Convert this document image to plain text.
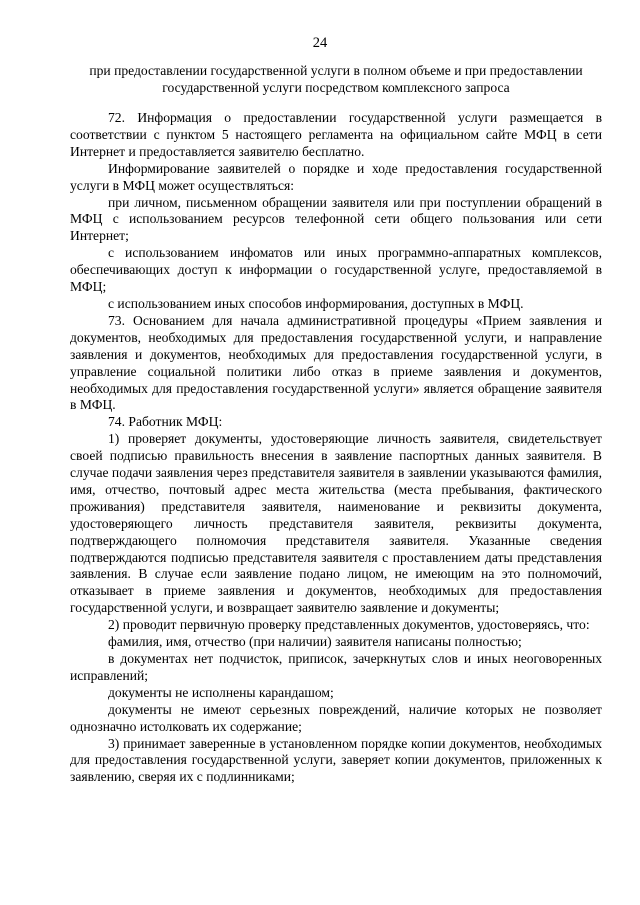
24
при предоставлении государственной услуги в полном объеме и при предоставлении государственной услуги посредством комплексного запроса

72. Информация о предоставлении государственной услуги размещается в соответствии с пунктом 5 настоящего регламента на официальном сайте МФЦ в сети Интернет и предоставляется заявителю бесплатно.

Информирование заявителей о порядке и ходе предоставления государственной услуги в МФЦ может осуществляться:

при личном, письменном обращении заявителя или при поступлении обращений в МФЦ с использованием ресурсов телефонной сети общего пользования или сети Интернет;

с использованием инфоматов или иных программно-аппаратных комплексов, обеспечивающих доступ к информации о государственной услуге, предоставляемой в МФЦ;

с использованием иных способов информирования, доступных в МФЦ.

73. Основанием для начала административной процедуры «Прием заявления и документов, необходимых для предоставления государственной услуги, и направление заявления и документов, необходимых для предоставления государственной услуги, в управление социальной политики либо отказ в приеме заявления и документов, необходимых для предоставления государственной услуги» является обращение заявителя в МФЦ.

74. Работник МФЦ:

1) проверяет документы, удостоверяющие личность заявителя, свидетельствует своей подписью правильность внесения в заявление паспортных данных заявителя. В случае подачи заявления через представителя заявителя в заявлении указываются фамилия, имя, отчество, почтовый адрес места жительства (места пребывания, фактического проживания) представителя заявителя, наименование и реквизиты документа, удостоверяющего личность представителя заявителя, реквизиты документа, подтверждающего полномочия представителя заявителя. Указанные сведения подтверждаются подписью представителя заявителя с проставлением даты представления заявления. В случае если заявление подано лицом, не имеющим на это полномочий, отказывает в приеме заявления и документов, необходимых для предоставления государственной услуги, и возвращает заявителю заявление и документы;

2) проводит первичную проверку представленных документов, удостоверяясь, что:

фамилия, имя, отчество (при наличии) заявителя написаны полностью;

в документах нет подчисток, приписок, зачеркнутых слов и иных неоговоренных исправлений;

документы не исполнены карандашом;

документы не имеют серьезных повреждений, наличие которых не позволяет однозначно истолковать их содержание;

3) принимает заверенные в установленном порядке копии документов, необходимых для предоставления государственной услуги, заверяет копии документов, приложенных к заявлению, сверяя их с подлинниками;
